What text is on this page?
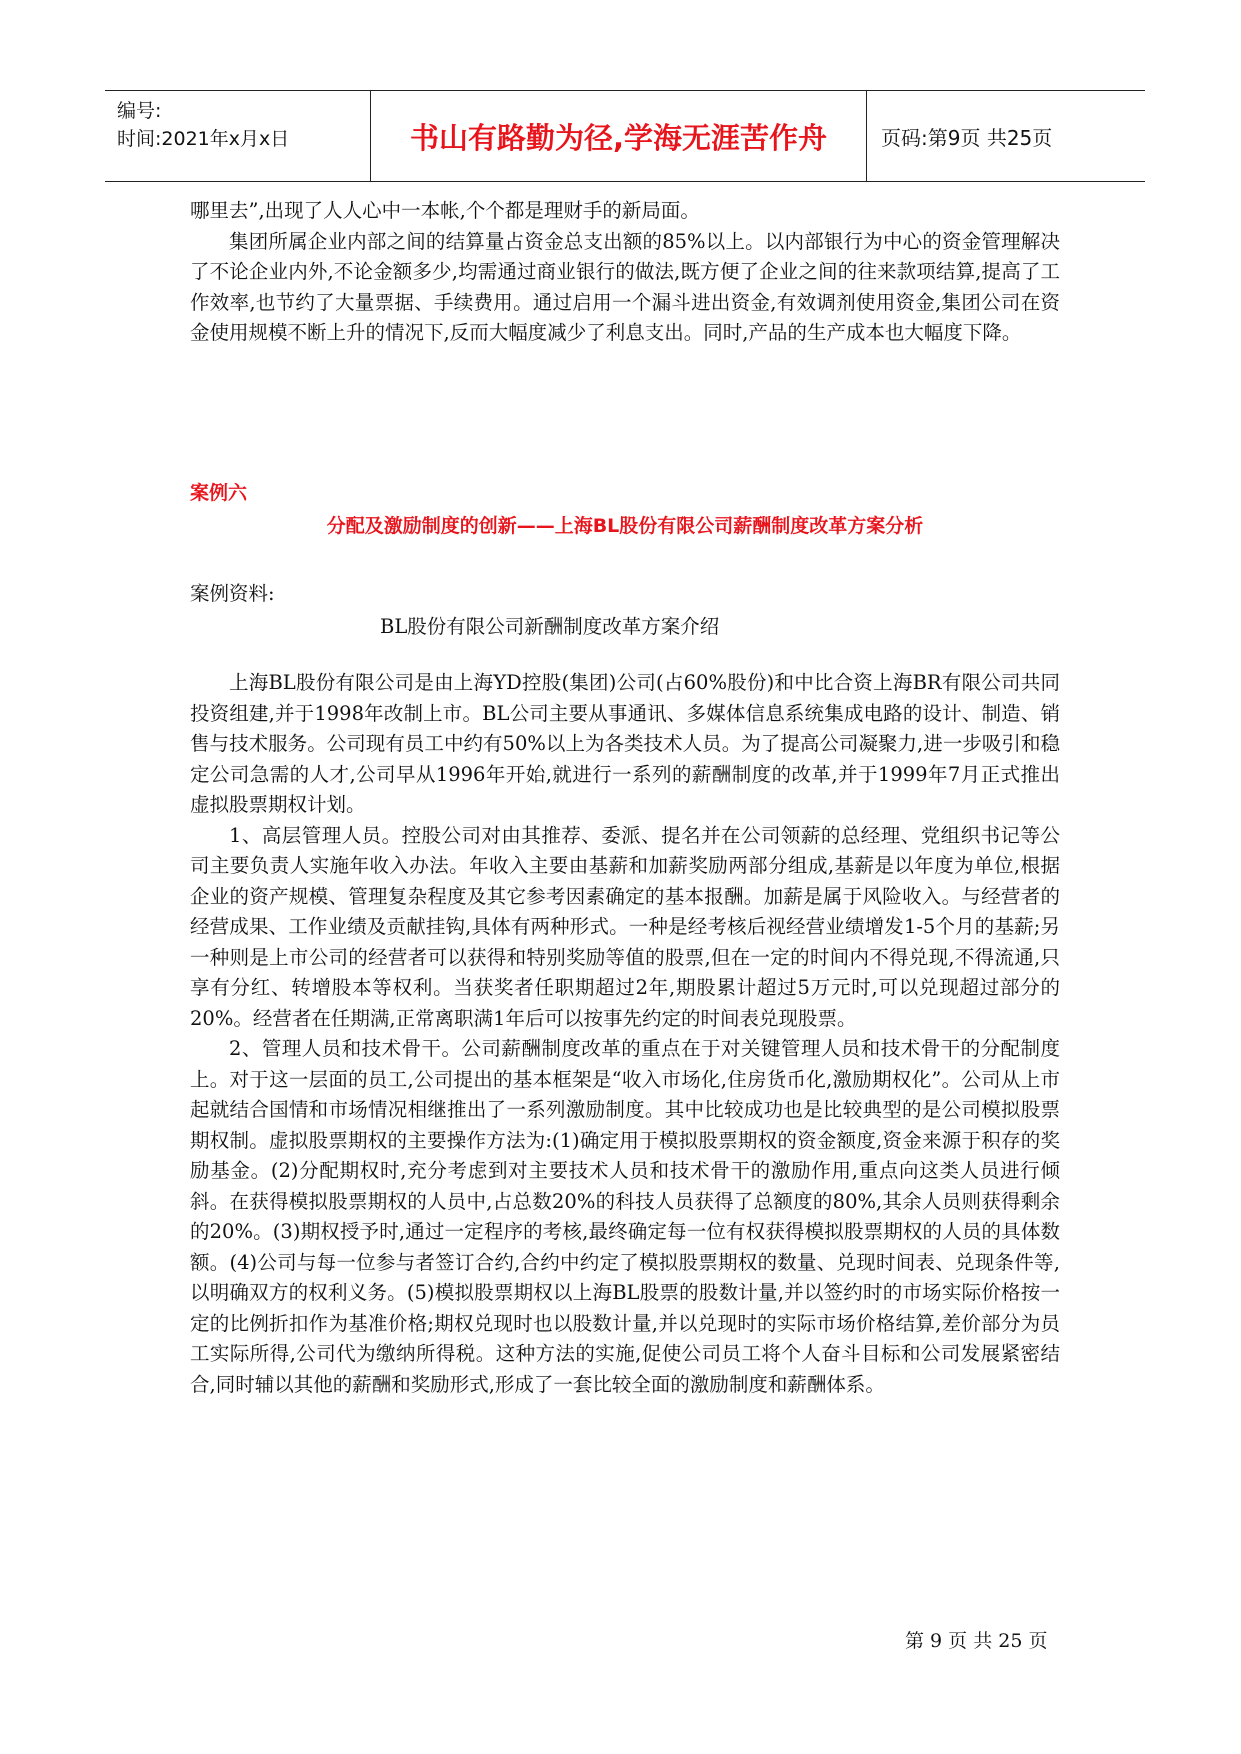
编号:
时间:2021年x月x日	书山有路勤为径,学海无涯苦作舟	页码:第9页 共25页

哪里去”,出现了人人心中一本帐,个个都是理财手的新局面。

集团所属企业内部之间的结算量占资金总支出额的85%以上。以内部银行为中心的资金管理解决了不论企业内外,不论金额多少,均需通过商业银行的做法,既方便了企业之间的往来款项结算,提高了工作效率,也节约了大量票据、手续费用。通过启用一个漏斗进出资金,有效调剂使用资金,集团公司在资金使用规模不断上升的情况下,反而大幅度减少了利息支出。同时,产品的生产成本也大幅度下降。

案例六
分配及激励制度的创新——上海BL股份有限公司薪酬制度改革方案分析
案例资料:
BL股份有限公司新酬制度改革方案介绍

上海BL股份有限公司是由上海YD控股(集团)公司(占60%股份)和中比合资上海BR有限公司共同投资组建,并于1998年改制上市。BL公司主要从事通讯、多媒体信息系统集成电路的设计、制造、销售与技术服务。公司现有员工中约有50%以上为各类技术人员。为了提高公司凝聚力,进一步吸引和稳定公司急需的人才,公司早从1996年开始,就进行一系列的薪酬制度的改革,并于1999年7月正式推出虚拟股票期权计划。

1、高层管理人员。控股公司对由其推荐、委派、提名并在公司领薪的总经理、党组织书记等公司主要负责人实施年收入办法。年收入主要由基薪和加薪奖励两部分组成,基薪是以年度为单位,根据企业的资产规模、管理复杂程度及其它参考因素确定的基本报酬。加薪是属于风险收入。与经营者的经营成果、工作业绩及贡献挂钩,具体有两种形式。一种是经考核后视经营业绩增发1-5个月的基薪;另一种则是上市公司的经营者可以获得和特别奖励等值的股票,但在一定的时间内不得兑现,不得流通,只享有分红、转增股本等权利。当获奖者任职期超过2年,期股累计超过5万元时,可以兑现超过部分的20%。经营者在任期满,正常离职满1年后可以按事先约定的时间表兑现股票。

2、管理人员和技术骨干。公司薪酬制度改革的重点在于对关键管理人员和技术骨干的分配制度上。对于这一层面的员工,公司提出的基本框架是“收入市场化,住房货币化,激励期权化”。公司从上市起就结合国情和市场情况相继推出了一系列激励制度。其中比较成功也是比较典型的是公司模拟股票期权制。虚拟股票期权的主要操作方法为:(1)确定用于模拟股票期权的资金额度,资金来源于积存的奖励基金。(2)分配期权时,充分考虑到对主要技术人员和技术骨干的激励作用,重点向这类人员进行倾斜。在获得模拟股票期权的人员中,占总数20%的科技人员获得了总额度的80%,其余人员则获得剩余的20%。(3)期权授予时,通过一定程序的考核,最终确定每一位有权获得模拟股票期权的人员的具体数额。(4)公司与每一位参与者签订合约,合约中约定了模拟股票期权的数量、兑现时间表、兑现条件等,以明确双方的权利义务。(5)模拟股票期权以上海BL股票的股数计量,并以签约时的市场实际价格按一定的比例折扣作为基准价格;期权兑现时也以股数计量,并以兑现时的实际市场价格结算,差价部分为员工实际所得,公司代为缴纳所得税。这种方法的实施,促使公司员工将个人奋斗目标和公司发展紧密结合,同时辅以其他的薪酬和奖励形式,形成了一套比较全面的激励制度和薪酬体系。

第 9 页 共 25 页
